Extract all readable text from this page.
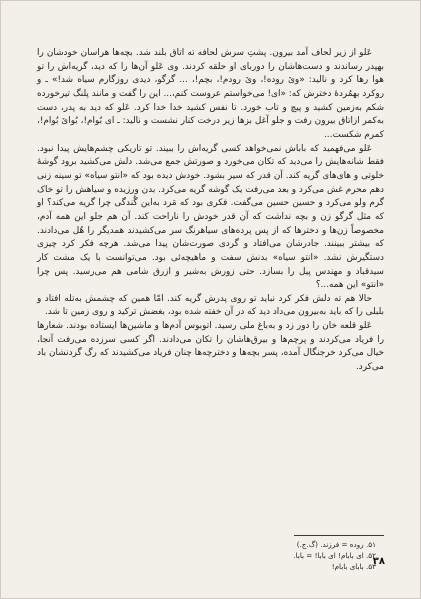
عَلو از زیر لحاف آمد بیرون. پشتِ سرش لحافه ته اتاق بلند شد. بچه‌ها هراسان خودشان را بهپدر رساندند و دست‌هاشان را دوربای او حلقه کردند. وی عَلو آن‌ها را که دید، گریه‌اش را تو هوا رها کرد و نالید: «ویٚ روده!، ویٚ رودم!، بچم!، ... گرگو، دیدی روزگارم سیاه شد!» ـ و روکرد بهمُردهٔ دخترش که: «ای! می‌خواستم عروست کنم،... این را گفت و مانند پلنگ تیرخورده شکم به‌زمین کشید و پیچ و تاب خورد. تا نفس کشید خدا خدا کرد. عَلو که دید به پدر، دست به‌کمر ازاتاق بیرون رفت و جلو آغل بزها زیر درخت کنار نشست و نالید: ـ ای بُوام!، بُوایٚ بُوام!، کمرم شکست...

عَلو می‌فهمید که باباش نمی‌خواهد کسی گریه‌اش را ببیند. تو تاریکی چشم‌هایش پیدا نبود. فقط شانه‌هایش را می‌دید که تکان می‌خورد و صورتش جمع می‌شد. دلش می‌کشید برود گوشهٔ خلوتی و های‌های گریه کند. آن قدر که سیر بشود. خودش دیده بود که «انتو سیاه» تو سینه زنی دهم محرم غش می‌کرد و بعد می‌رفت یک گوشه گریه می‌کرد. بدن ورزیده و سیاهش را تو خاک گرم ولو می‌کرد و حسین حسین می‌گفت. فکری بود که مَرد به‌این گُندگی چرا گریه می‌کند؟ او که مثل گرگو زن و بچه نداشت که آن قدر خودش را ناراحت کند. آن هم جلو این همه آدم، مخصوصاً زن‌ها و دخترها که از پس پرده‌های سیاهرنگ سر می‌کشیدند همدیگر را هُل می‌دادند. که بیشتر ببینند. جادرشان می‌افتاد و گردی صورت‌شان پیدا می‌شد. هرچه فکر کرد چیزی دستگیرش نشد. «انتو سیاه» بدنش سفت و ماهیچه‌ئی بود. می‌توانست با یک مشت کار سیدقباد و مهندس پیل را بسازد. حتی زورش به‌شیر و ازرق شامی هم می‌رسید. پس چرا «انتو» این همه...؟

حالا هم ته دلش فکر کرد نباید تو روی پدرش گریه کند. امّا همین که چشمش به‌تله افتاد و بلبلی را که باید به‌بیرون می‌داد دید که در آن خفته شده بود، بغضش ترکید و روی زمین تا شد.

عَلو قلعه خان را دور زد و به‌باغ ملی رسید. اتوبوس آدم‌ها و ماشین‌ها ایستاده بودند. شعارها را فریاد می‌کردند و پرچم‌ها و بیرق‌هاشان را تکان می‌دادند. اگر کسی سرزده می‌رفت آنجا، خیال می‌کرد خرجنگال آمده، پسر بچه‌ها و دخترچه‌ها چنان فریاد می‌کشیدند که رگ گردنشان باد می‌کرد.

۵۱. روده = فرزند. (گ.ج.)
۵۲. ای بابام! ای بابا! = بابا.
۵۳. بابای بابام!
۳۸
